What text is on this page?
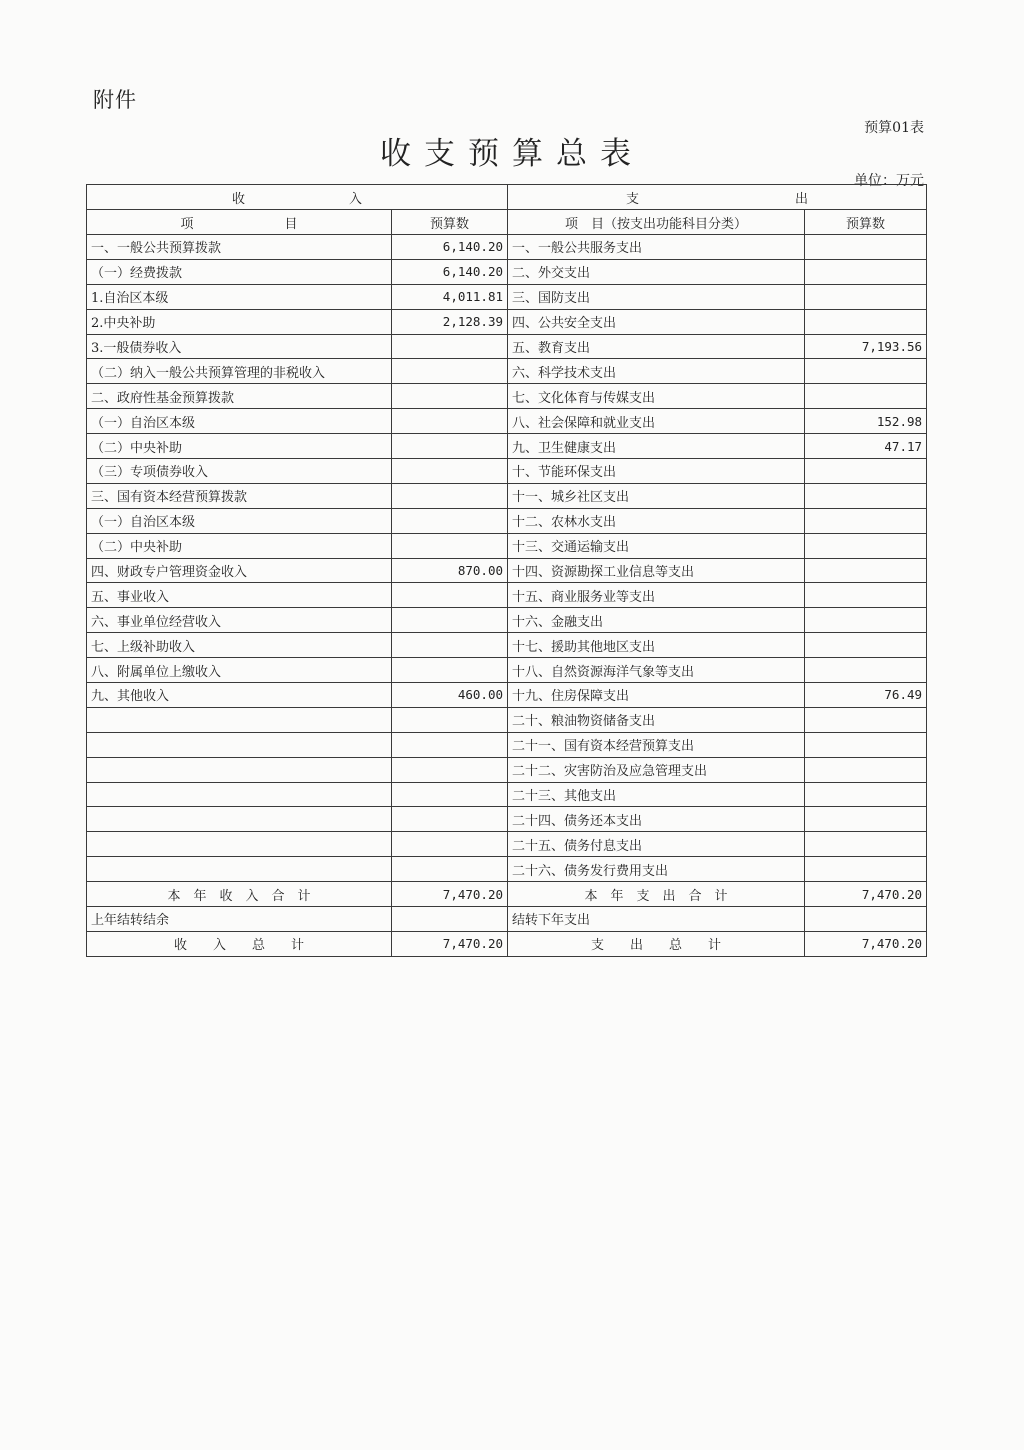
附件
预算01表
收支预算总表
单位：万元
收　　　　　　　　入		支　　　　　　　　　　　　出	
项　　　　　　　目	预算数	项　目（按支出功能科目分类）	预算数
一、一般公共预算拨款	6,140.20	一、一般公共服务支出	
（一）经费拨款	6,140.20	二、外交支出	
1.自治区本级	4,011.81	三、国防支出	
2.中央补助	2,128.39	四、公共安全支出	
3.一般债券收入		五、教育支出	7,193.56
（二）纳入一般公共预算管理的非税收入		六、科学技术支出	
二、政府性基金预算拨款		七、文化体育与传媒支出	
（一）自治区本级		八、社会保障和就业支出	152.98
（二）中央补助		九、卫生健康支出	47.17
（三）专项债券收入		十、节能环保支出	
三、国有资本经营预算拨款		十一、城乡社区支出	
（一）自治区本级		十二、农林水支出	
（二）中央补助		十三、交通运输支出	
四、财政专户管理资金收入	870.00	十四、资源勘探工业信息等支出	
五、事业收入		十五、商业服务业等支出	
六、事业单位经营收入		十六、金融支出	
七、上级补助收入		十七、援助其他地区支出	
八、附属单位上缴收入		十八、自然资源海洋气象等支出	
九、其他收入	460.00	十九、住房保障支出	76.49
		二十、粮油物资储备支出	
		二十一、国有资本经营预算支出	
		二十二、灾害防治及应急管理支出	
		二十三、其他支出	
		二十四、债务还本支出	
		二十五、债务付息支出	
		二十六、债务发行费用支出	
本　年　收　入　合　计	7,470.20	本　年　支　出　合　计	7,470.20
上年结转结余		结转下年支出	
收　　入　　总　　计	7,470.20	支　　出　　总　　计	7,470.20
